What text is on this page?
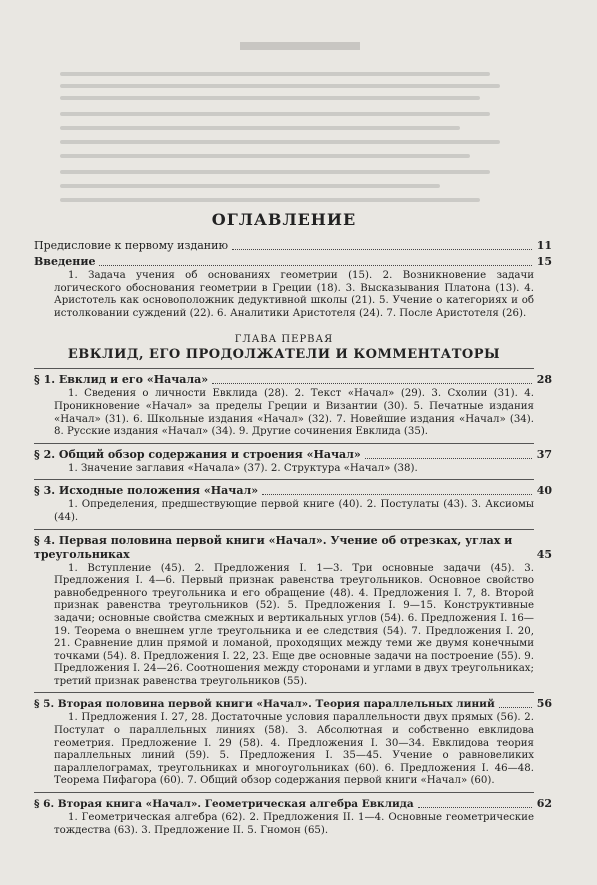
ОГЛАВЛЕНИЕ
Предисловие к первому изданию	11
Введение	15
1. Задача учения об основаниях геометрии (15). 2. Возникновение задачи логического обоснования геометрии в Греции (18). 3. Высказывания Платона (13). 4. Аристотель как основоположник дедуктивной школы (21). 5. Учение о категориях и об истолковании суждений (22). 6. Аналитики Аристотеля (24). 7. После Аристотеля (26).
ГЛАВА ПЕРВАЯ
ЕВКЛИД, ЕГО ПРОДОЛЖАТЕЛИ И КОММЕНТАТОРЫ
§ 1. Евклид и его «Начала»	28
1. Сведения о личности Евклида (28). 2. Текст «Начал» (29). 3. Схолии (31). 4. Проникновение «Начал» за пределы Греции и Византии (30). 5. Печатные издания «Начал» (31). 6. Школьные издания «Начал» (32). 7. Новейшие издания «Начал» (34). 8. Русские издания «Начал» (34). 9. Другие сочинения Евклида (35).
§ 2. Общий обзор содержания и строения «Начал»	37
1. Значение заглавия «Начала» (37). 2. Структура «Начал» (38).
§ 3. Исходные положения «Начал»	40
1. Определения, предшествующие первой книге (40). 2. Постулаты (43). 3. Аксиомы (44).
§ 4. Первая половина первой книги «Начал». Учение об отрезках, углах и треугольниках	45
1. Вступление (45). 2. Предложения I. 1—3. Три основные задачи (45). 3. Предложения I. 4—6. Первый признак равенства треугольников. Основное свойство равнобедренного треугольника и его обращение (48). 4. Предложения I. 7, 8. Второй признак равенства треугольников (52). 5. Предложения I. 9—15. Конструктивные задачи; основные свойства смежных и вертикальных углов (54). 6. Предложения I. 16—19. Теорема о внешнем угле треугольника и ее следствия (54). 7. Предложения I. 20, 21. Сравнение длин прямой и ломаной, проходящих между теми же двумя конечными точками (54). 8. Предложения I. 22, 23. Еще две основные задачи на построение (55). 9. Предложения I. 24—26. Соотношения между сторонами и углами в двух треугольниках; третий признак равенства треугольников (55).
§ 5. Вторая половина первой книги «Начал». Теория параллельных линий	56
1. Предложения I. 27, 28. Достаточные условия параллельности двух прямых (56). 2. Постулат о параллельных линиях (58). 3. Абсолютная и собственно евклидова геометрия. Предложение I. 29 (58). 4. Предложения I. 30—34. Евклидова теория параллельных линий (59). 5. Предложения I. 35—45. Учение о равновеликих параллелограмах, треугольниках и многоугольниках (60). 6. Предложения I. 46—48. Теорема Пифагора (60). 7. Общий обзор содержания первой книги «Начал» (60).
§ 6. Вторая книга «Начал». Геометрическая алгебра Евклида	62
1. Геометрическая алгебра (62). 2. Предложения II. 1—4. Основные геометрические тождества (63). 3. Предложение II. 5. Гномон (65).
